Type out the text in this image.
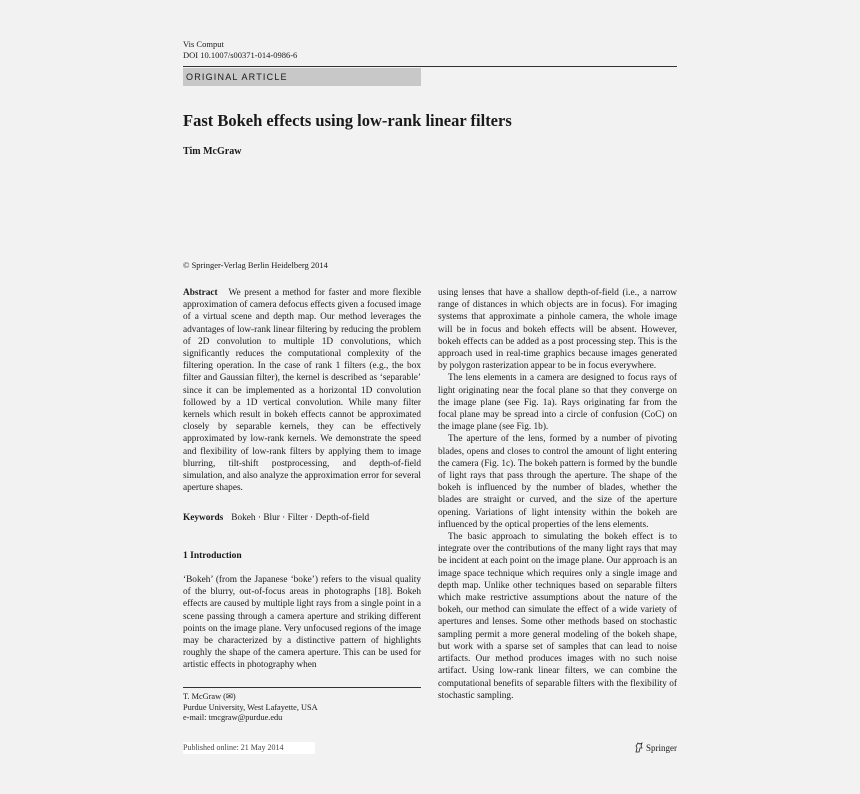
Vis Comput
DOI 10.1007/s00371-014-0986-6
ORIGINAL ARTICLE
Fast Bokeh effects using low-rank linear filters
Tim McGraw
© Springer-Verlag Berlin Heidelberg 2014

Abstract We present a method for faster and more flexible approximation of camera defocus effects given a focused image of a virtual scene and depth map. Our method leverages the advantages of low-rank linear filtering by reducing the problem of 2D convolution to multiple 1D convolutions, which significantly reduces the computational complexity of the filtering operation. In the case of rank 1 filters (e.g., the box filter and Gaussian filter), the kernel is described as ‘separable’ since it can be implemented as a horizontal 1D convolution followed by a 1D vertical convolution. While many filter kernels which result in bokeh effects cannot be approximated closely by separable kernels, they can be effectively approximated by low-rank kernels. We demonstrate the speed and flexibility of low-rank filters by applying them to image blurring, tilt-shift postprocessing, and depth-of-field simulation, and also analyze the approximation error for several aperture shapes.

Keywords Bokeh · Blur · Filter · Depth-of-field
1 Introduction

‘Bokeh’ (from the Japanese ‘boke’) refers to the visual quality of the blurry, out-of-focus areas in photographs [18]. Bokeh effects are caused by multiple light rays from a single point in a scene passing through a camera aperture and striking different points on the image plane. Very unfocused regions of the image may be characterized by a distinctive pattern of highlights roughly the shape of the camera aperture. This can be used for artistic effects in photography when

T. McGraw (✉)
Purdue University, West Lafayette, USA
e-mail: tmcgraw@purdue.edu

using lenses that have a shallow depth-of-field (i.e., a narrow range of distances in which objects are in focus). For imaging systems that approximate a pinhole camera, the whole image will be in focus and bokeh effects will be absent. However, bokeh effects can be added as a post processing step. This is the approach used in real-time graphics because images generated by polygon rasterization appear to be in focus everywhere.

The lens elements in a camera are designed to focus rays of light originating near the focal plane so that they converge on the image plane (see Fig. 1a). Rays originating far from the focal plane may be spread into a circle of confusion (CoC) on the image plane (see Fig. 1b).

The aperture of the lens, formed by a number of pivoting blades, opens and closes to control the amount of light entering the camera (Fig. 1c). The bokeh pattern is formed by the bundle of light rays that pass through the aperture. The shape of the bokeh is influenced by the number of blades, whether the blades are straight or curved, and the size of the aperture opening. Variations of light intensity within the bokeh are influenced by the optical properties of the lens elements.

The basic approach to simulating the bokeh effect is to integrate over the contributions of the many light rays that may be incident at each point on the image plane. Our approach is an image space technique which requires only a single image and depth map. Unlike other techniques based on separable filters which make restrictive assumptions about the nature of the bokeh, our method can simulate the effect of a wide variety of apertures and lenses. Some other methods based on stochastic sampling permit a more general modeling of the bokeh shape, but work with a sparse set of samples that can lead to noise artifacts. Our method produces images with no such noise artifact. Using low-rank linear filters, we can combine the computational benefits of separable filters with the flexibility of stochastic sampling.

Published online: 21 May 2014	Springer
